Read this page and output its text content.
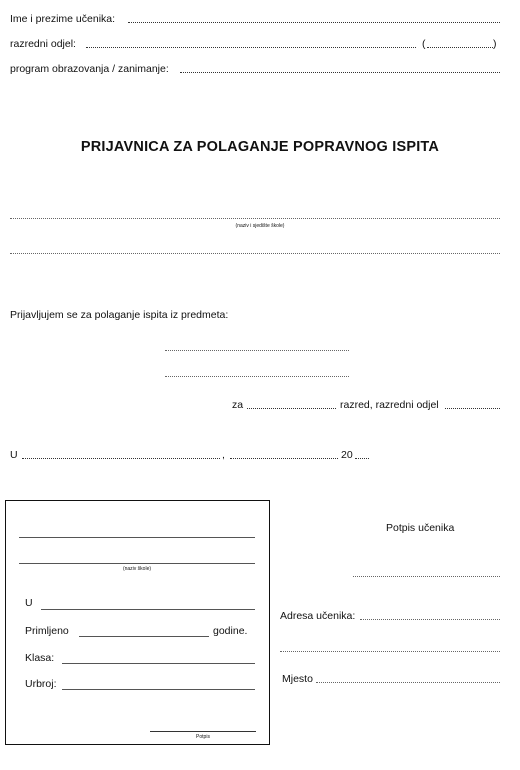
Ime i prezime učenika:
razredni odjel:	(	)
program obrazovanja / zanimanje:
PRIJAVNICA ZA POLAGANJE POPRAVNOG ISPITA
(naziv i sjedište škole)
Prijavljujem se za polaganje ispita iz predmeta:
za	razred, razredni odjel
U	,	20
(naziv škole)
U
Primljeno	godine.
Klasa:
Urbroj:
Potpis
Potpis učenika
Adresa učenika:
Mjesto
